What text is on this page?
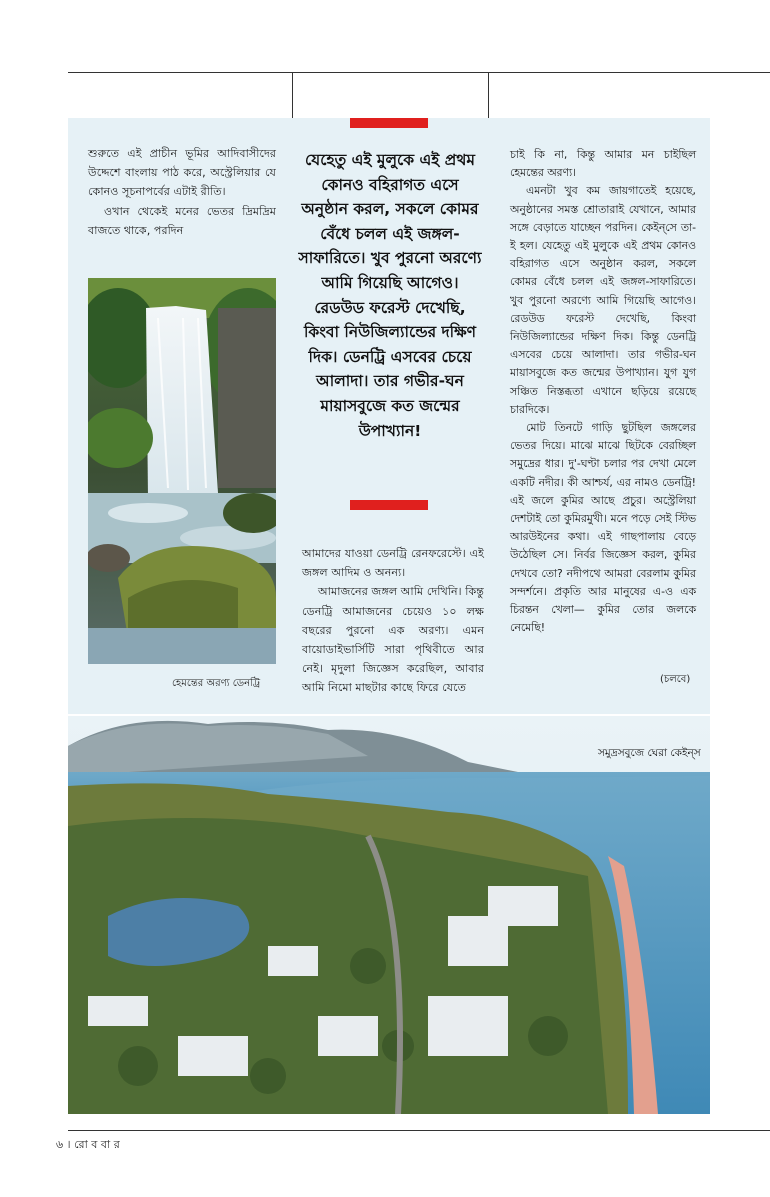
শুরুতে এই প্রাচীন ভূমির আদিবাসীদের উদ্দেশে বাংলায় পাঠ করে, অস্ট্রেলিয়ার যে কোনও সূচনাপর্বের এটাই রীতি।

ওখান থেকেই মনের ভেতর দ্রিমদ্রিম বাজতে থাকে, পরদিন

হেমন্তের অরণ্য ডেনট্রি
যেহেতু এই মুলুকে এই প্রথম কোনও বহিরাগত এসে অনুষ্ঠান করল, সকলে কোমর বেঁধে চলল এই জঙ্গল-সাফারিতে। খুব পুরনো অরণ্যে আমি গিয়েছি আগেও। রেডউড ফরেস্ট দেখেছি, কিংবা নিউজিল্যান্ডের দক্ষিণ দিক। ডেনট্রি এসবের চেয়ে আলাদা। তার গভীর-ঘন মায়াসবুজে কত জন্মের উপাখ্যান!

আমাদের যাওয়া ডেনট্রি রেনফরেস্টে। এই জঙ্গল আদিম ও অনন্য।

আমাজনের জঙ্গল আমি দেখিনি। কিন্তু ডেনট্রি আমাজনের চেয়েও ১০ লক্ষ বছরের পুরনো এক অরণ্য। এমন বায়োডাইভার্সিটি সারা পৃথিবীতে আর নেই। মৃদুলা জিজ্ঞেস করেছিল, আবার আমি নিমো মাছটার কাছে ফিরে যেতে

চাই কি না, কিন্তু আমার মন চাইছিল হেমন্তের অরণ্য।

এমনটা খুব কম জায়গাতেই হয়েছে, অনুষ্ঠানের সমস্ত শ্রোতারাই যেখানে, আমার সঙ্গে বেড়াতে যাচ্ছেন পরদিন। কেইন্‌সে তা-ই হল। যেহেতু এই মুলুকে এই প্রথম কোনও বহিরাগত এসে অনুষ্ঠান করল, সকলে কোমর বেঁধে চলল এই জঙ্গল-সাফারিতে। খুব পুরনো অরণ্যে আমি গিয়েছি আগেও। রেডউড ফরেস্ট দেখেছি, কিংবা নিউজিল্যান্ডের দক্ষিণ দিক। কিন্তু ডেনট্রি এসবের চেয়ে আলাদা। তার গভীর-ঘন মায়াসবুজে কত জন্মের উপাখ্যান। যুগ যুগ সঞ্চিত নিস্তব্ধতা এখানে ছড়িয়ে রয়েছে চারদিকে।

মোট তিনটে গাড়ি ছুটছিল জঙ্গলের ভেতর দিয়ে। মাঝে মাঝে ছিটকে বেরচ্ছিল সমুদ্রের ধার। দু'-ঘণ্টা চলার পর দেখা মেলে একটি নদীর। কী আশ্চর্য, এর নামও ডেনট্রি! এই জলে কুমির আছে প্রচুর। অস্ট্রেলিয়া দেশটাই তো কুমিরমুখী। মনে পড়ে সেই স্টিভ আরউইনের কথা। এই গাছপালায় বেড়ে উঠেছিল সে। নির্বর জিজ্ঞেস করল, কুমির দেখবে তো? নদীপথে আমরা বেরলাম কুমির সন্দর্শনে। প্রকৃতি আর মানুষের এ-ও এক চিরন্তন খেলা— কুমির তোর জলকে নেমেছি!

(চলবে)
সমুদ্রসবুজে ঘেরা কেইন্‌স
৬ । রো ব বা র
